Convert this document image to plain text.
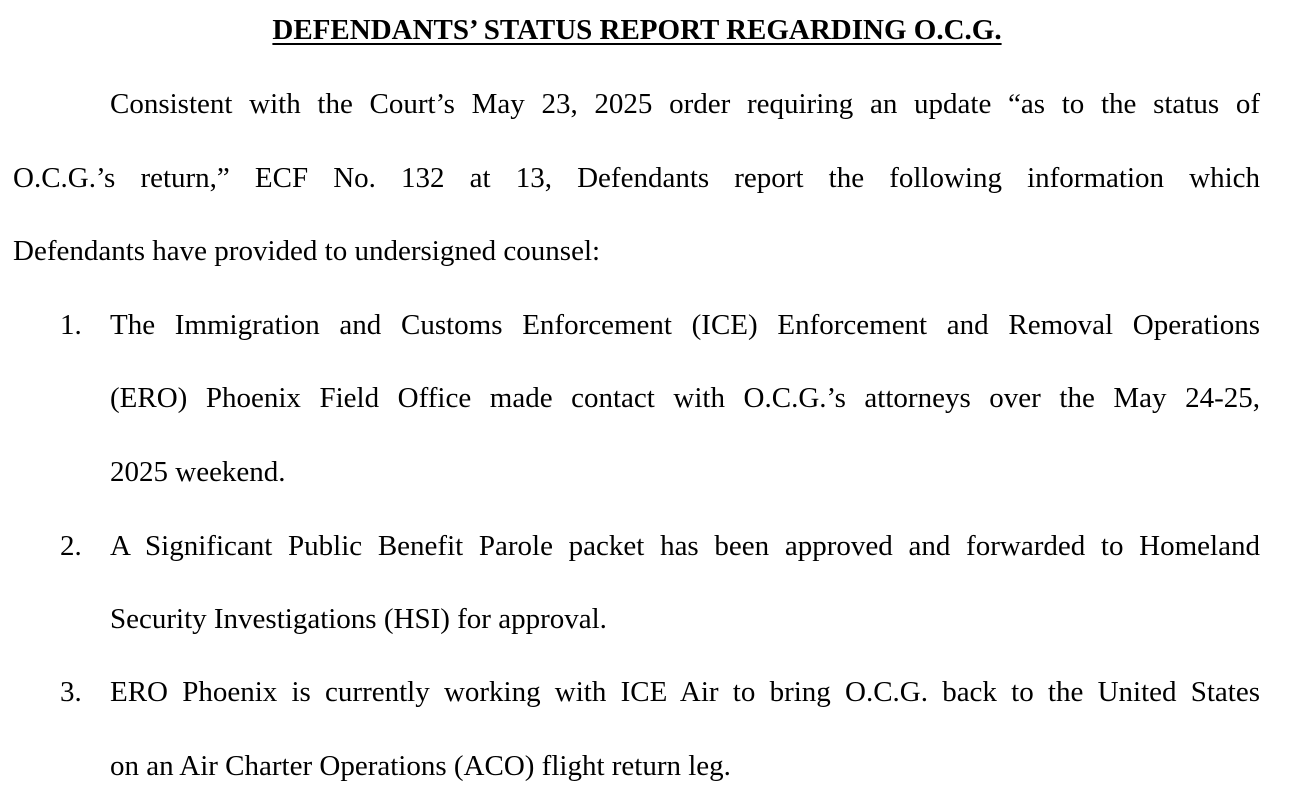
DEFENDANTS’ STATUS REPORT REGARDING O.C.G.
Consistent with the Court’s May 23, 2025 order requiring an update “as to the status of
O.C.G.’s return,” ECF No. 132 at 13, Defendants report the following information which
Defendants have provided to undersigned counsel:
1. The Immigration and Customs Enforcement (ICE) Enforcement and Removal Operations
(ERO) Phoenix Field Office made contact with O.C.G.’s attorneys over the May 24-25,
2025 weekend.
2. A Significant Public Benefit Parole packet has been approved and forwarded to Homeland
Security Investigations (HSI) for approval.
3. ERO Phoenix is currently working with ICE Air to bring O.C.G. back to the United States
on an Air Charter Operations (ACO) flight return leg.
